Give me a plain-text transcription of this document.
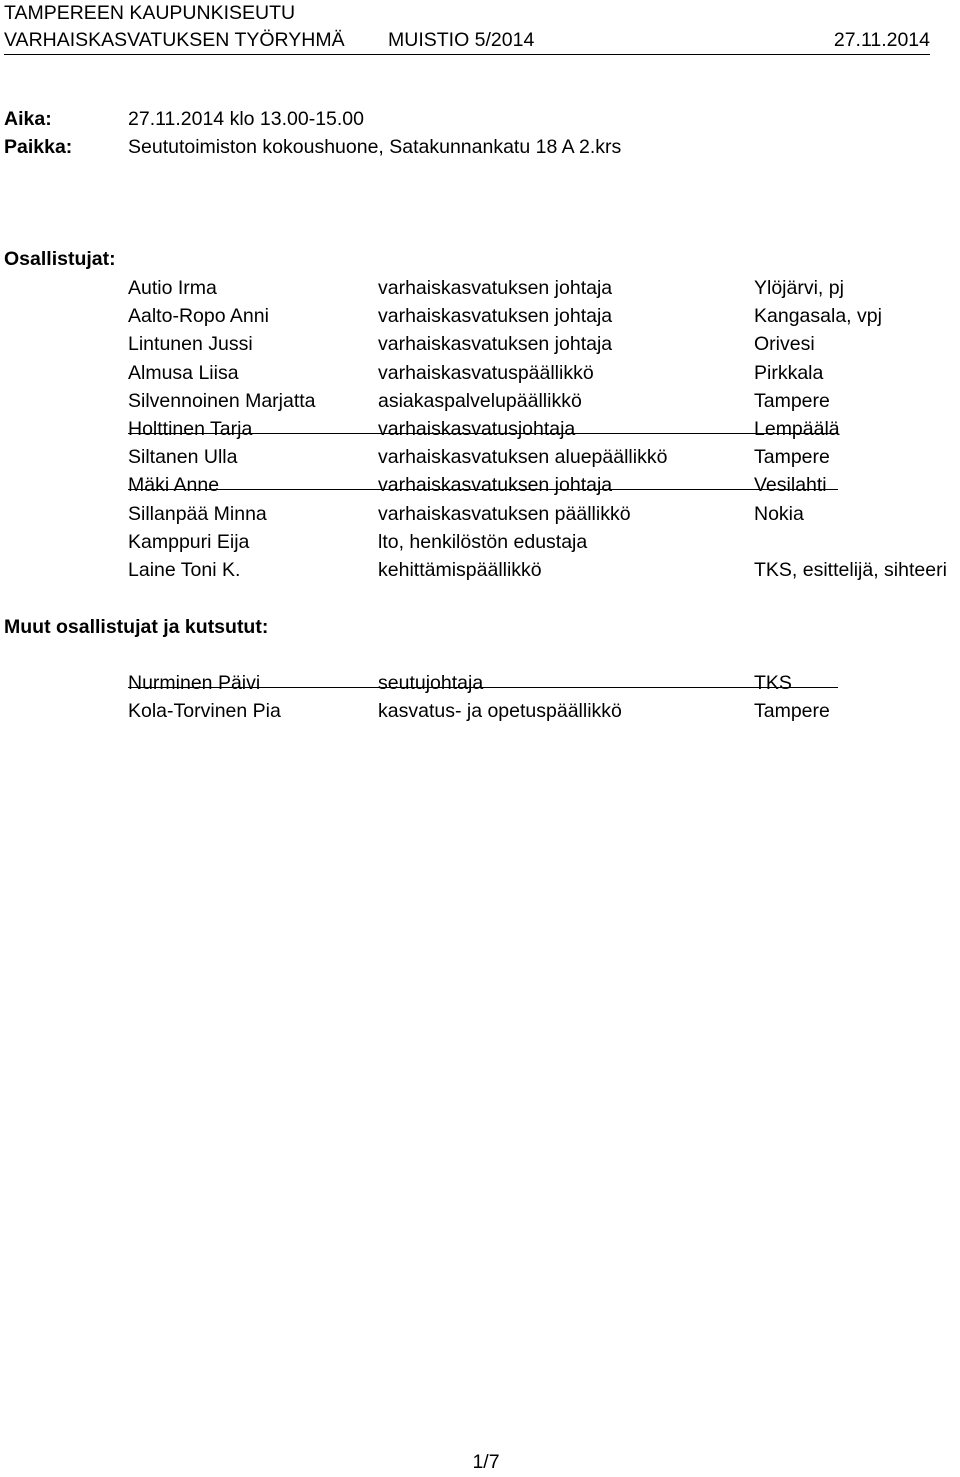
TAMPEREEN KAUPUNKISEUTU
VARHAISKASVATUKSEN TYÖRYHMÄ MUISTIO 5/2014	27.11.2014
Aika:	27.11.2014 klo 13.00-15.00
Paikka:	Seututoimiston kokoushuone, Satakunnankatu 18 A 2.krs
Osallistujat:
Autio Irma	varhaiskasvatuksen johtaja	Ylöjärvi, pj
Aalto-Ropo Anni	varhaiskasvatuksen johtaja	Kangasala, vpj
Lintunen Jussi	varhaiskasvatuksen johtaja	Orivesi
Almusa Liisa	varhaiskasvatuspäällikkö	Pirkkala
Silvennoinen Marjatta	asiakaspalvelupäällikkö	Tampere
Holttinen Tarja	varhaiskasvatusjohtaja	Lempäälä
Siltanen Ulla	varhaiskasvatuksen aluepäällikkö	Tampere
Mäki Anne	varhaiskasvatuksen johtaja	Vesilahti
Sillanpää Minna	varhaiskasvatuksen päällikkö	Nokia
Kamppuri Eija	lto, henkilöstön edustaja
Laine Toni K.	kehittämispäällikkö	TKS, esittelijä, sihteeri
Muut osallistujat ja kutsutut:
Nurminen Päivi	seutujohtaja	TKS
Kola-Torvinen Pia	kasvatus- ja opetuspäällikkö	Tampere
1/7
